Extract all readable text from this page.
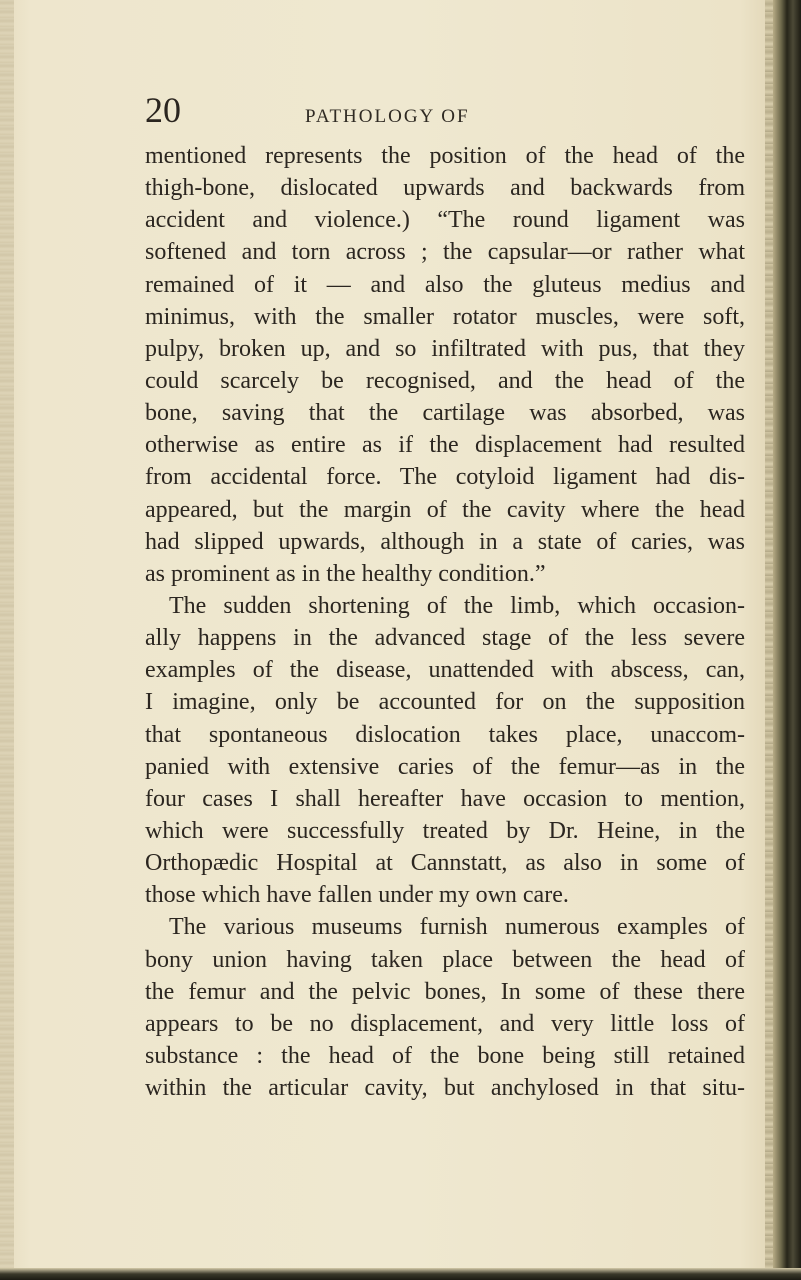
20	PATHOLOGY OF
mentioned represents the position of the head of the
thigh-bone, dislocated upwards and backwards from
accident and violence.) “The round ligament was
softened and torn across ; the capsular—or rather what
remained of it — and also the gluteus medius and
minimus, with the smaller rotator muscles, were soft,
pulpy, broken up, and so infiltrated with pus, that they
could scarcely be recognised, and the head of the
bone, saving that the cartilage was absorbed, was
otherwise as entire as if the displacement had resulted
from accidental force. The cotyloid ligament had dis-
appeared, but the margin of the cavity where the head
had slipped upwards, although in a state of caries, was
as prominent as in the healthy condition.”
The sudden shortening of the limb, which occasion-
ally happens in the advanced stage of the less severe
examples of the disease, unattended with abscess, can,
I imagine, only be accounted for on the supposition
that spontaneous dislocation takes place, unaccom-
panied with extensive caries of the femur—as in the
four cases I shall hereafter have occasion to mention,
which were successfully treated by Dr. Heine, in the
Orthopædic Hospital at Cannstatt, as also in some of
those which have fallen under my own care.
The various museums furnish numerous examples of
bony union having taken place between the head of
the femur and the pelvic bones, In some of these there
appears to be no displacement, and very little loss of
substance : the head of the bone being still retained
within the articular cavity, but anchylosed in that situ-
